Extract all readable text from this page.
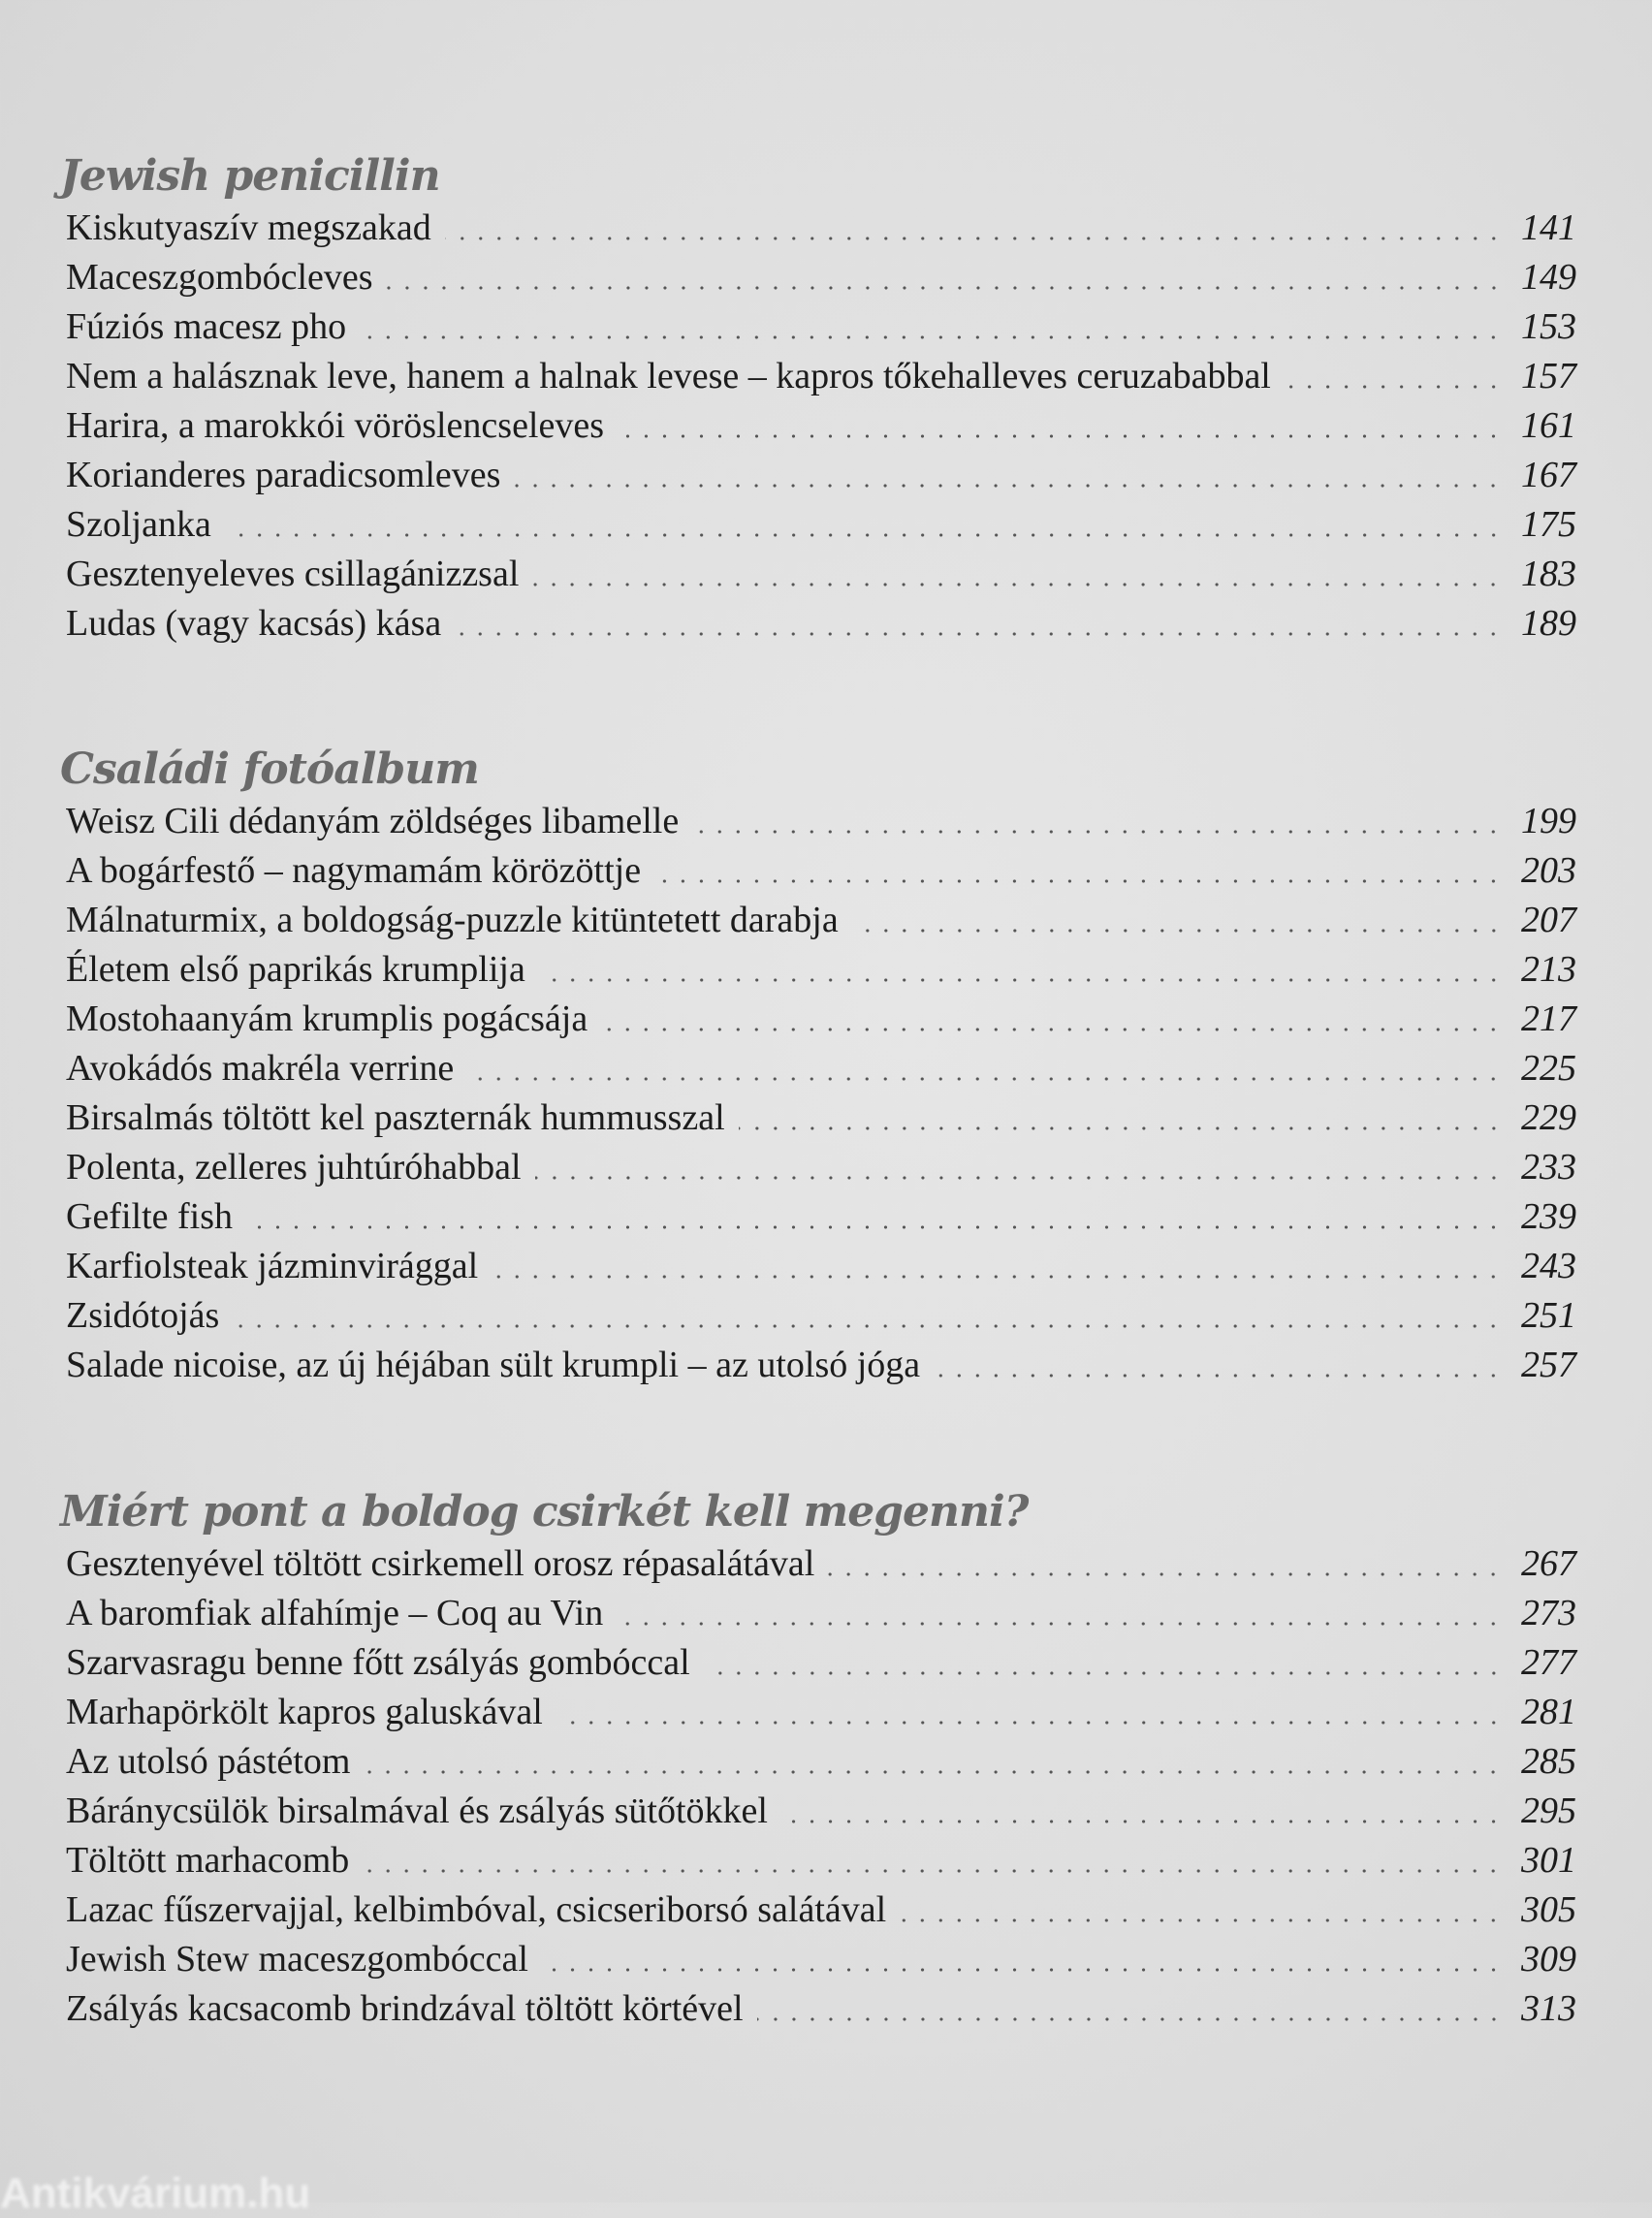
Jewish penicillin
Kiskutyaszív megszakad	141
Maceszgombócleves	149
Fúziós macesz pho	153
Nem a halásznak leve, hanem a halnak levese – kapros tőkehalleves ceruzababbal	157
Harira, a marokkói vöröslencseleves	161
Korianderes paradicsomleves	167
Szoljanka	175
Gesztenyeleves csillagánizzsal	183
Ludas (vagy kacsás) kása	189
Családi fotóalbum
Weisz Cili dédanyám zöldséges libamelle	199
A bogárfestő – nagymamám körözöttje	203
Málnaturmix, a boldogság-puzzle kitüntetett darabja	207
Életem első paprikás krumplija	213
Mostohaanyám krumplis pogácsája	217
Avokádós makréla verrine	225
Birsalmás töltött kel paszternák hummusszal	229
Polenta, zelleres juhtúróhabbal	233
Gefilte fish	239
Karfiolsteak jázminvirággal	243
Zsidótojás	251
Salade nicoise, az új héjában sült krumpli – az utolsó jóga	257
Miért pont a boldog csirkét kell megenni?
Gesztenyével töltött csirkemell orosz répasalátával	267
A baromfiak alfahímje – Coq au Vin	273
Szarvasragu benne főtt zsályás gombóccal	277
Marhapörkölt kapros galuskával	281
Az utolsó pástétom	285
Báránycsülök birsalmával és zsályás sütőtökkel	295
Töltött marhacomb	301
Lazac fűszervajjal, kelbimbóval, csicseriborsó salátával	305
Jewish Stew maceszgombóccal	309
Zsályás kacsacomb brindzával töltött körtével	313
Antikvárium.hu
